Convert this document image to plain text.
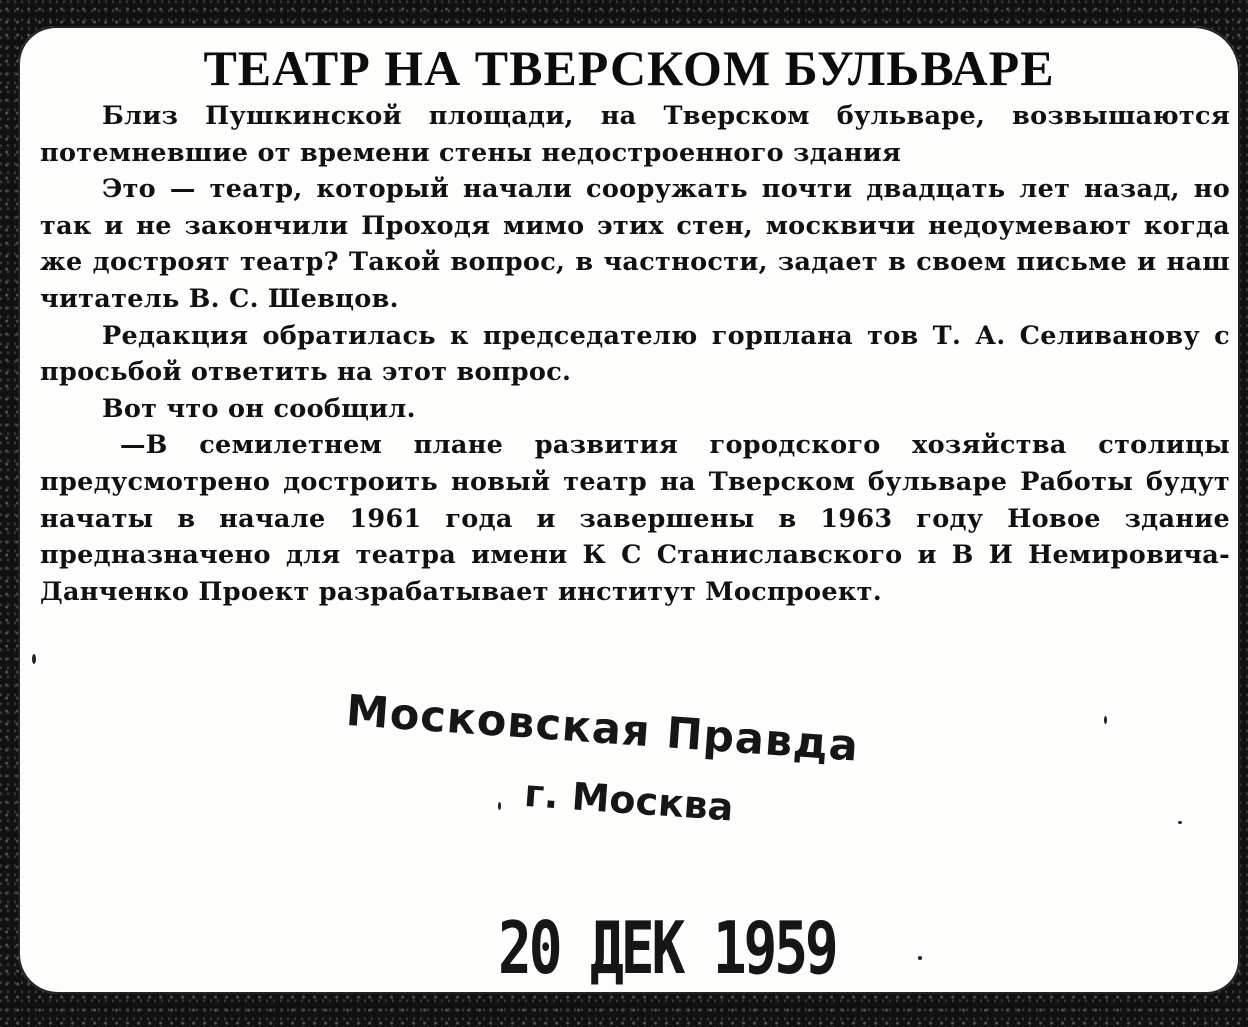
ТЕАТР НА ТВЕРСКОМ БУЛЬВАРЕ

Близ Пушкинской площади, на Тверском бульваре, возвышаются потемневшие от времени стены недостроенного здания

Это — театр, который начали сооружать почти двадцать лет назад, но так и не закончили Проходя мимо этих стен, москвичи недоумевают когда же достроят театр? Такой вопрос, в частности, задает в своем письме и наш читатель В. С. Шевцов.

Редакция обратилась к председателю горплана тов Т. А. Селиванову с просьбой ответить на этот вопрос.

Вот что он сообщил.

—В семилетнем плане развития городского хозяйства столицы предусмотрено достроить новый театр на Тверском бульваре Работы будут начаты в начале 1961 года и завершены в 1963 году Новое здание предназначено для театра имени К С Станиславского и В И Немировича-Данченко Проект разрабатывает институт Моспроект.

Московская Правда
г. Москва
20 ДЕК 1959
